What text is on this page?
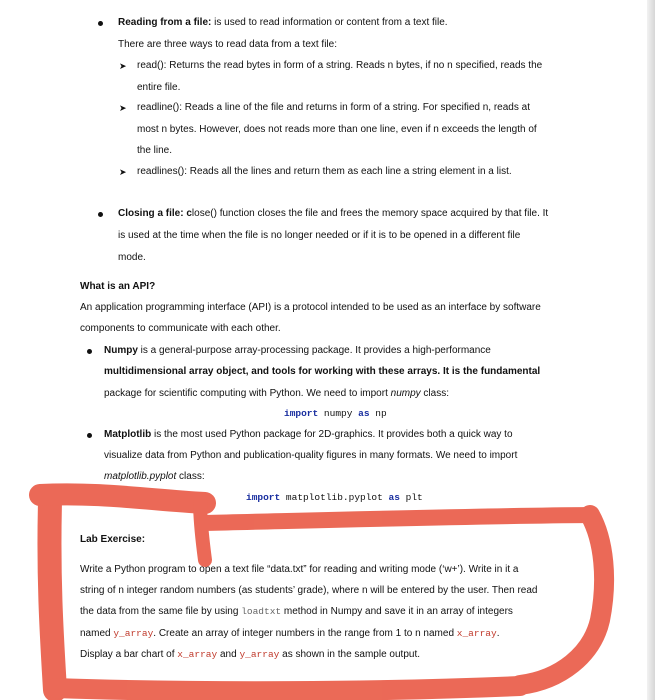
Reading from a file: is used to read information or content from a text file.
There are three ways to read data from a text file:
➤ read(): Returns the read bytes in form of a string. Reads n bytes, if no n specified, reads the
entire file.
➤ readline(): Reads a line of the file and returns in form of a string. For specified n, reads at
most n bytes. However, does not reads more than one line, even if n exceeds the length of
the line.
➤ readlines(): Reads all the lines and return them as each line a string element in a list.
Closing a file: close() function closes the file and frees the memory space acquired by that file. It
is used at the time when the file is no longer needed or if it is to be opened in a different file
mode.
What is an API?
An application programming interface (API) is a protocol intended to be used as an interface by software
components to communicate with each other.
Numpy is a general-purpose array-processing package. It provides a high-performance
multidimensional array object, and tools for working with these arrays. It is the fundamental
package for scientific computing with Python. We need to import numpy class:
import numpy as np
Matplotlib is the most used Python package for 2D-graphics. It provides both a quick way to
visualize data from Python and publication-quality figures in many formats. We need to import
matplotlib.pyplot class:
import matplotlib.pyplot as plt
Lab Exercise:
Write a Python program to open a text file “data.txt” for reading and writing mode (‘w+’). Write in it a
string of n integer random numbers (as students’ grade), where n will be entered by the user. Then read
the data from the same file by using loadtxt method in Numpy and save it in an array of integers
named y_array. Create an array of integer numbers in the range from 1 to n named x_array.
Display a bar chart of x_array and y_array as shown in the sample output.
